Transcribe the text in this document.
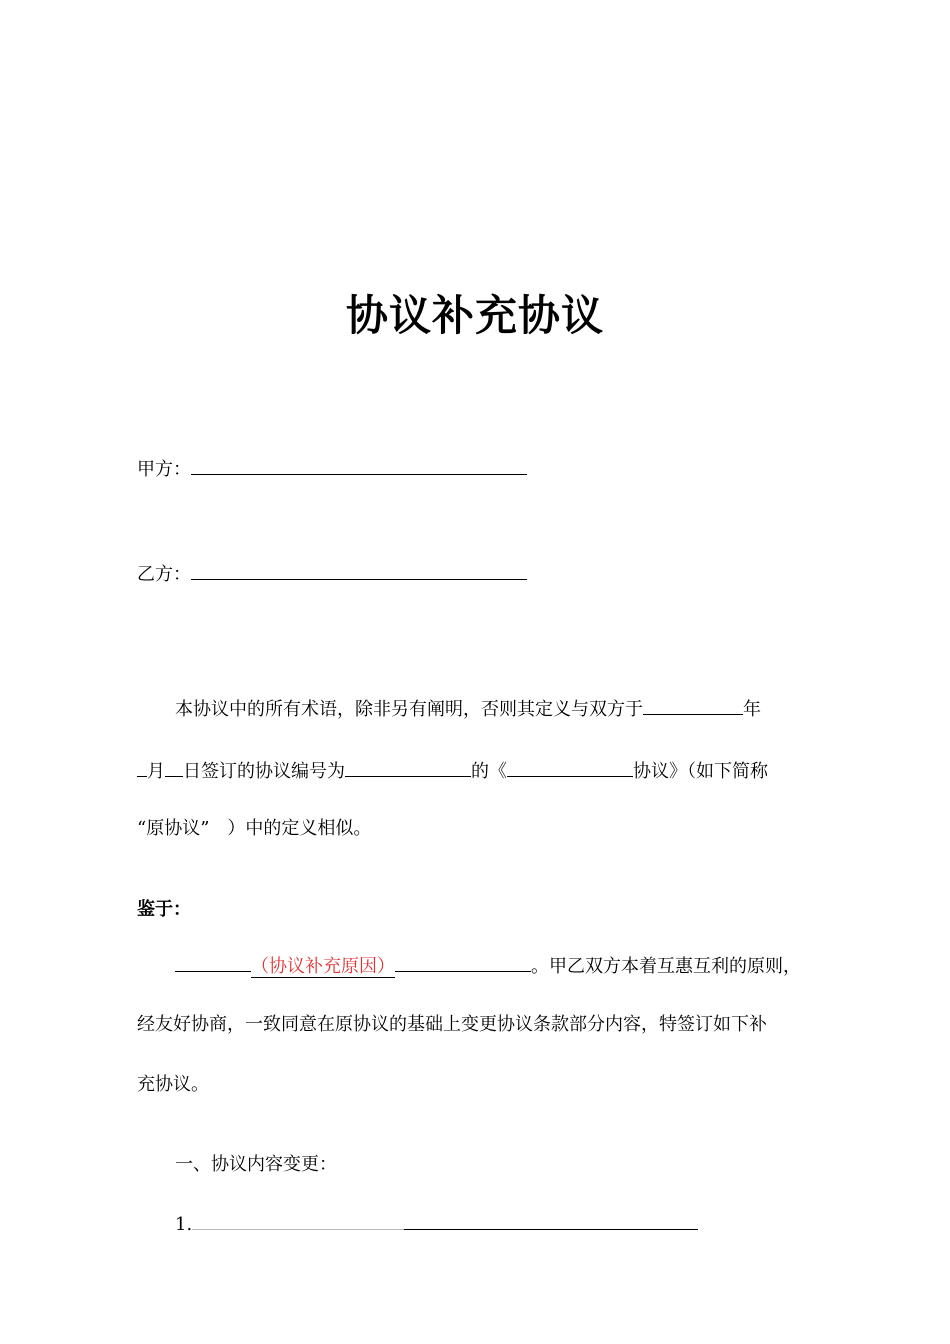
协议补充协议
甲方：
乙方：
本协议中的所有术语，除非另有阐明，否则其定义与双方于	年
月 日签订的协议编号为	的《	协议》（如下简称
“原协议”　）中的定义相似。
鉴于：
（协议补充原因）	。甲乙双方本着互惠互利的原则，
经友好协商，一致同意在原协议的基础上变更协议条款部分内容，特签订如下补
充协议。
一、协议内容变更：
1.
